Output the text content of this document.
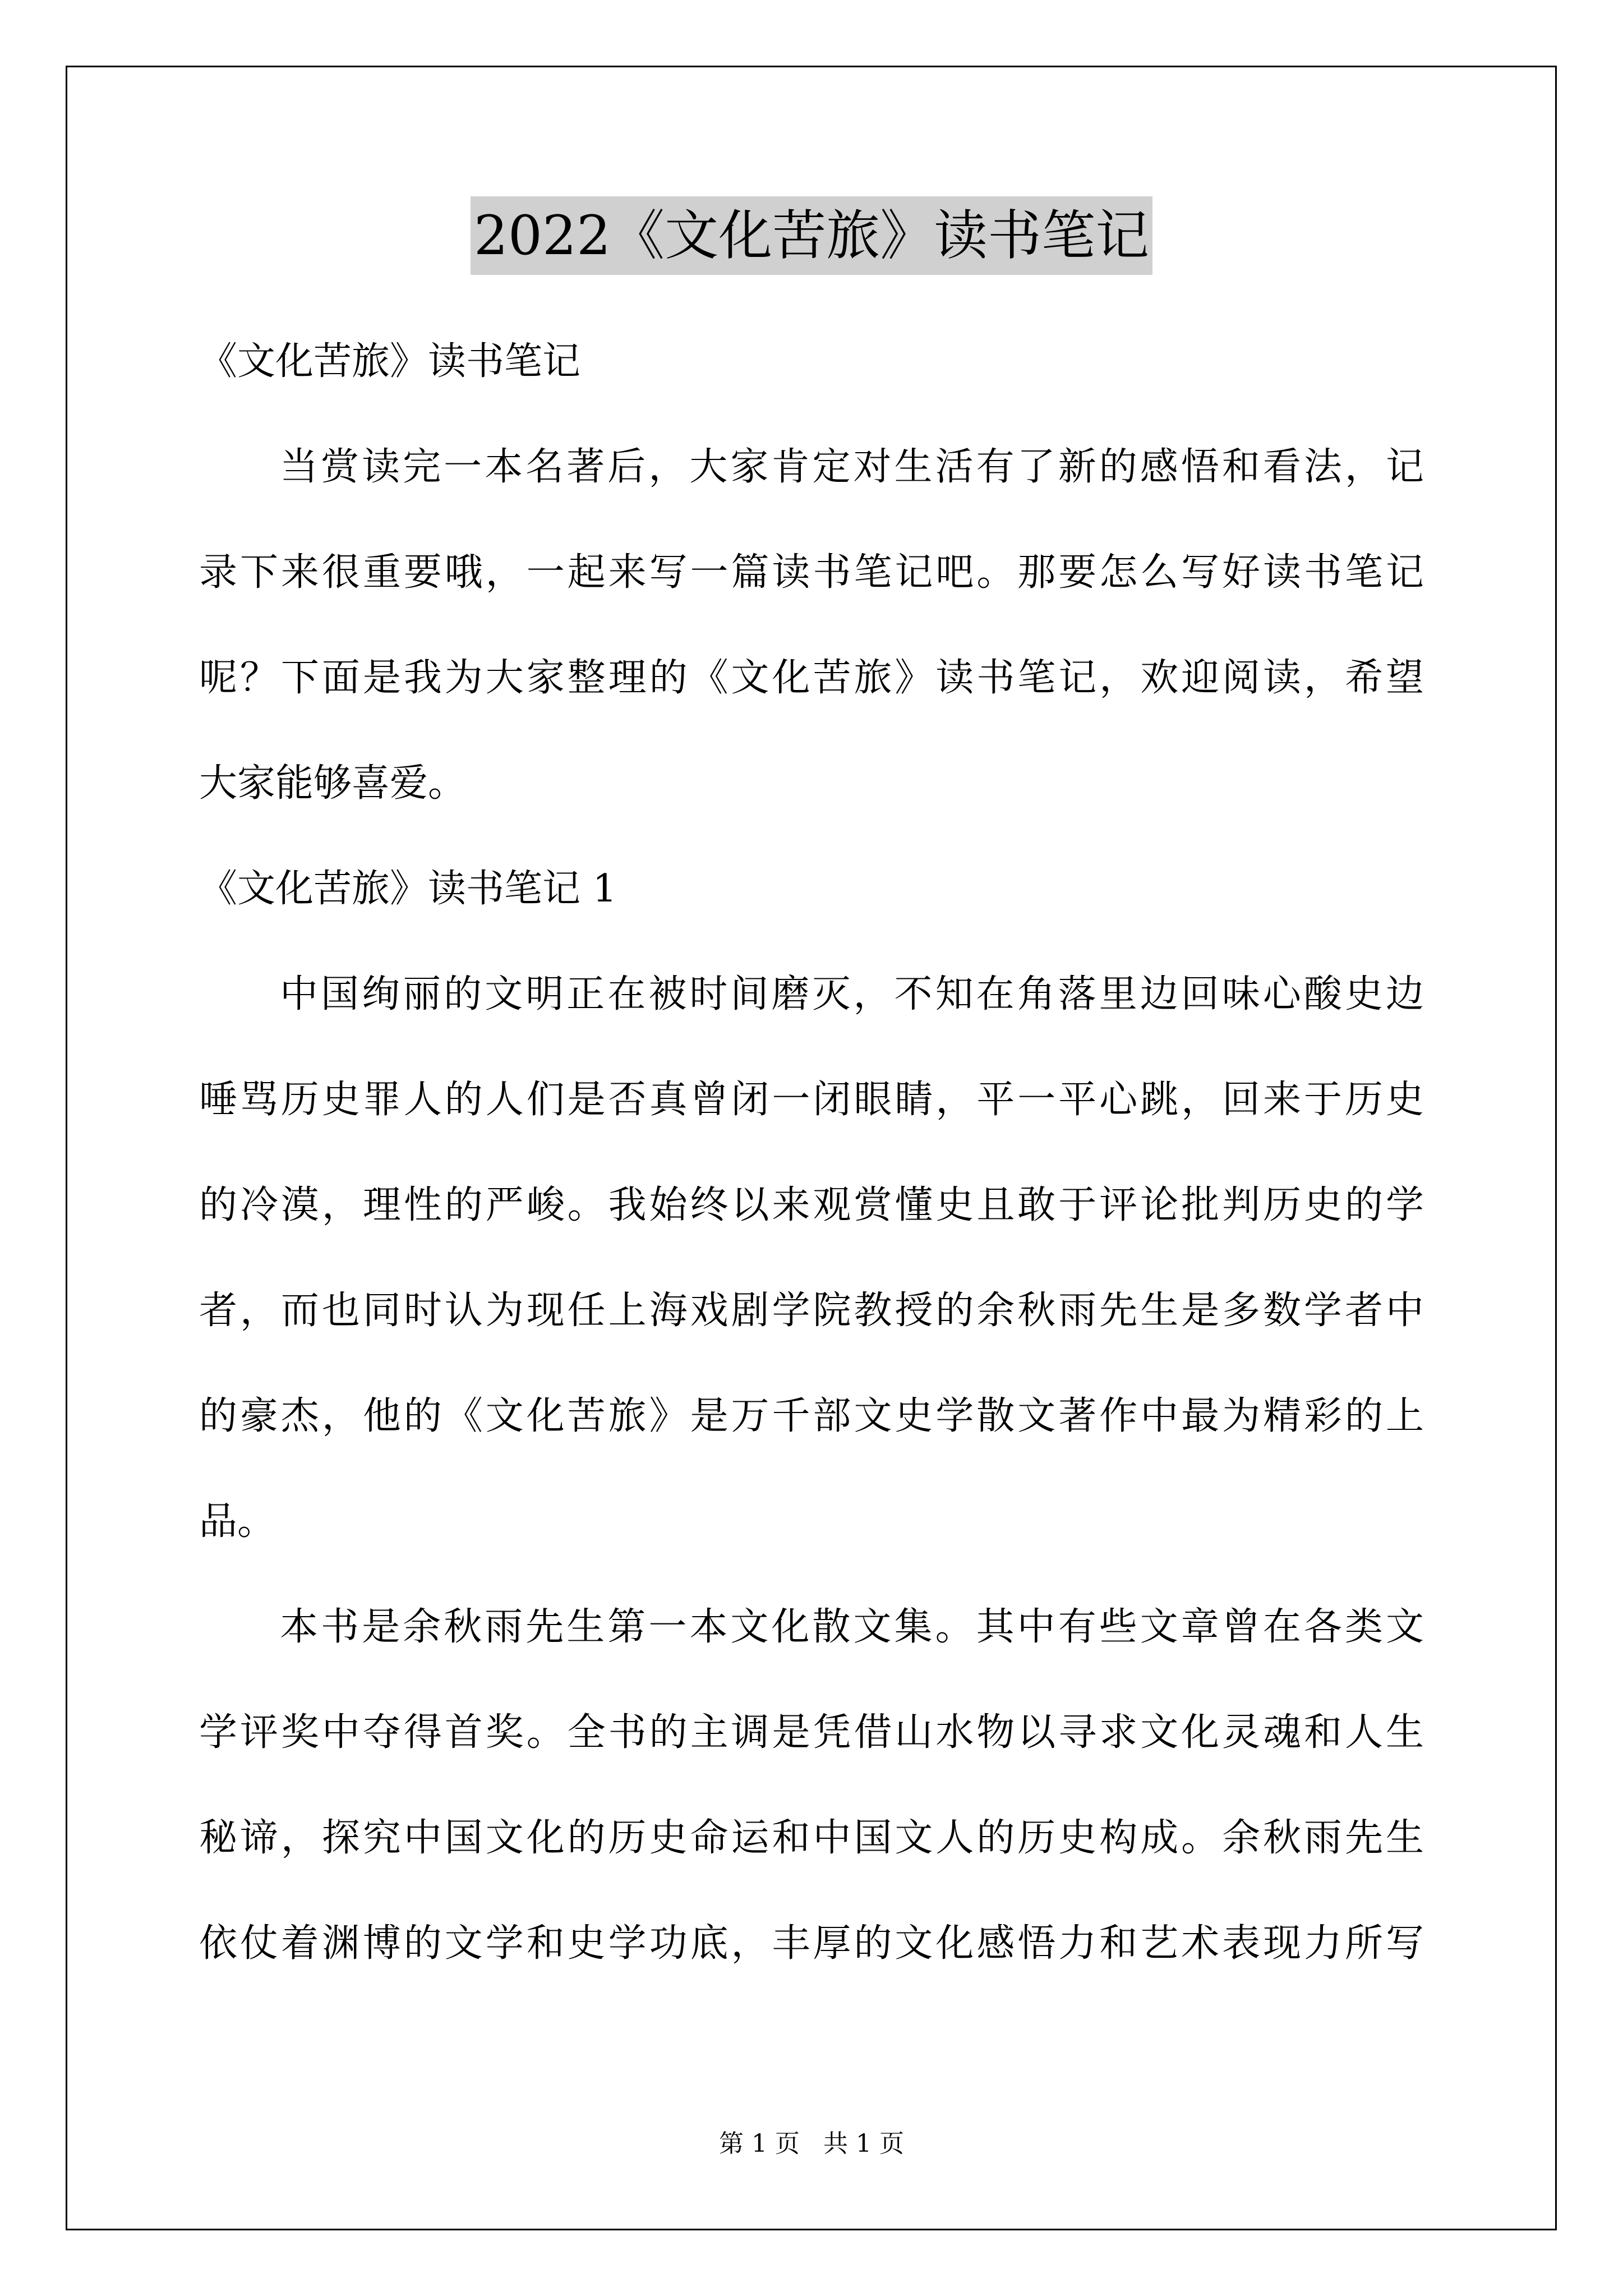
2022《文化苦旅》读书笔记
《文化苦旅》读书笔记
当赏读完一本名著后，大家肯定对生活有了新的感悟和看法，记
录下来很重要哦，一起来写一篇读书笔记吧。那要怎么写好读书笔记
呢？下面是我为大家整理的《文化苦旅》读书笔记，欢迎阅读，希望
大家能够喜爱。
《文化苦旅》读书笔记 1
中国绚丽的文明正在被时间磨灭，不知在角落里边回味心酸史边
唾骂历史罪人的人们是否真曾闭一闭眼睛，平一平心跳，回来于历史
的冷漠，理性的严峻。我始终以来观赏懂史且敢于评论批判历史的学
者，而也同时认为现任上海戏剧学院教授的余秋雨先生是多数学者中
的豪杰，他的《文化苦旅》是万千部文史学散文著作中最为精彩的上
品。
本书是余秋雨先生第一本文化散文集。其中有些文章曾在各类文
学评奖中夺得首奖。全书的主调是凭借山水物以寻求文化灵魂和人生
秘谛，探究中国文化的历史命运和中国文人的历史构成。余秋雨先生
依仗着渊博的文学和史学功底，丰厚的文化感悟力和艺术表现力所写
第 1 页 共 1 页
